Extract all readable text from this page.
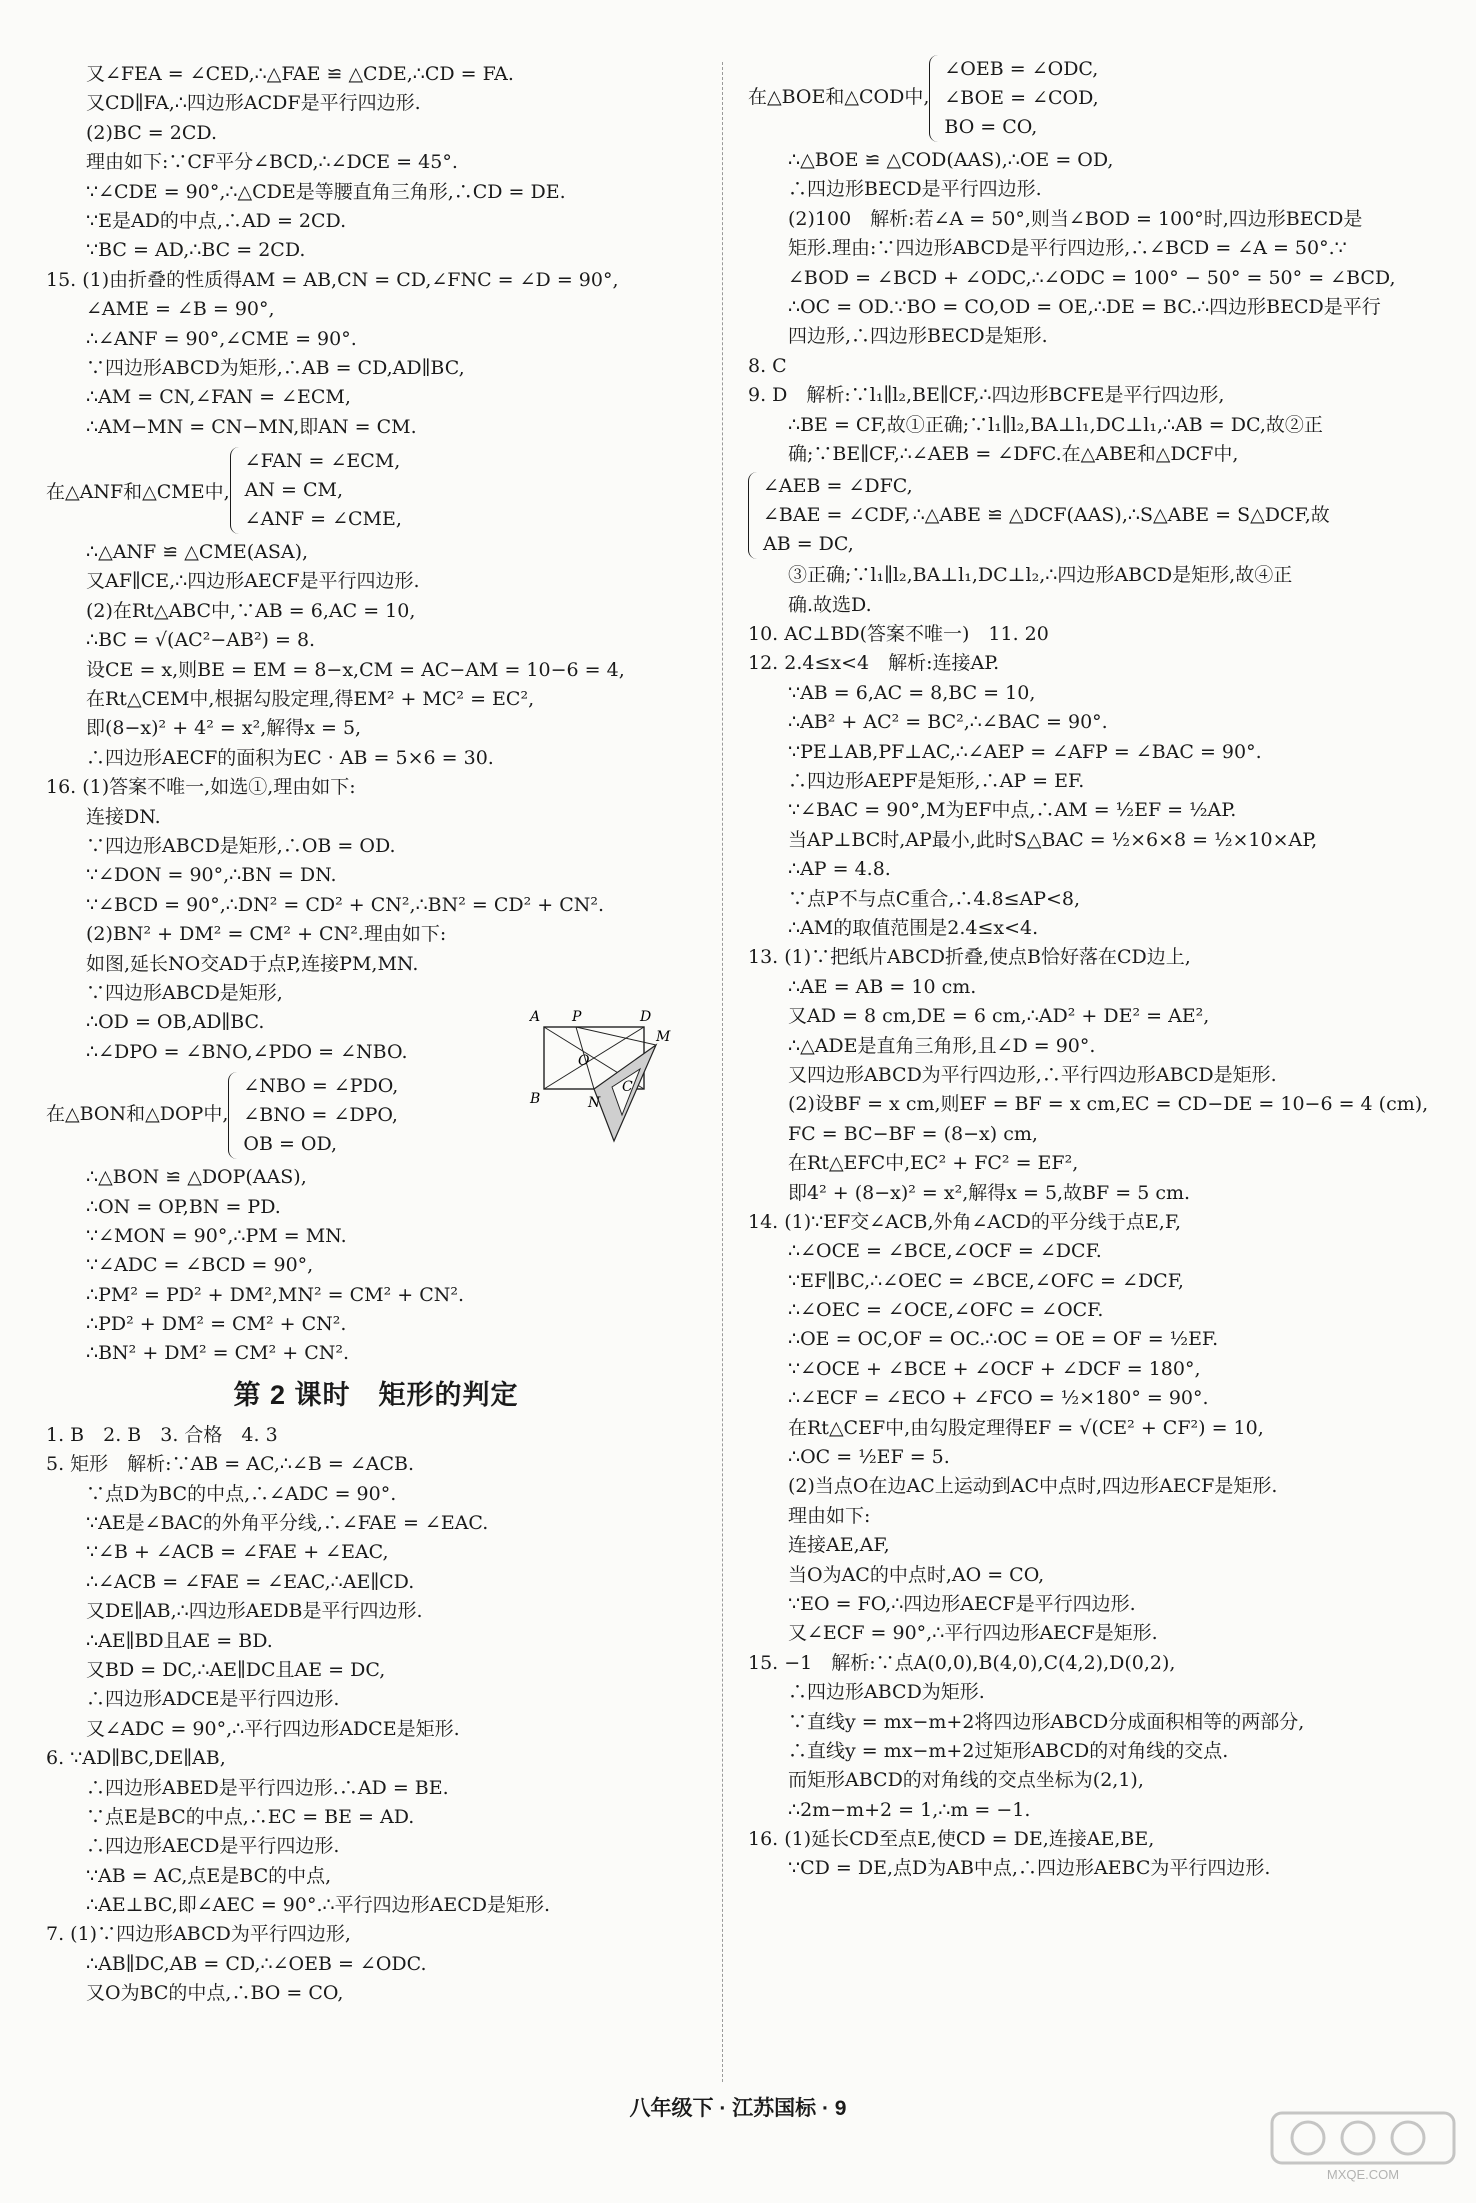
又∠FEA = ∠CED,∴△FAE ≌ △CDE,∴CD = FA.
又CD∥FA,∴四边形ACDF是平行四边形.
(2)BC = 2CD.
理由如下:∵CF平分∠BCD,∴∠DCE = 45°.
∵∠CDE = 90°,∴△CDE是等腰直角三角形,∴CD = DE.
∵E是AD的中点,∴AD = 2CD.
∵BC = AD,∴BC = 2CD.
15. (1)由折叠的性质得AM = AB,CN = CD,∠FNC = ∠D = 90°,
∠AME = ∠B = 90°,
∴∠ANF = 90°,∠CME = 90°.
∵四边形ABCD为矩形,∴AB = CD,AD∥BC,
∴AM = CN,∠FAN = ∠ECM,
∴AM−MN = CN−MN,即AN = CM.
在△ANF和△CME中,
∠FAN = ∠ECM,
AN = CM,
∠ANF = ∠CME,
∴△ANF ≌ △CME(ASA),
又AF∥CE,∴四边形AECF是平行四边形.
(2)在Rt△ABC中,∵AB = 6,AC = 10,
∴BC = √(AC²−AB²) = 8.
设CE = x,则BE = EM = 8−x,CM = AC−AM = 10−6 = 4,
在Rt△CEM中,根据勾股定理,得EM² + MC² = EC²,
即(8−x)² + 4² = x²,解得x = 5,
∴四边形AECF的面积为EC · AB = 5×6 = 30.
16. (1)答案不唯一,如选①,理由如下:
连接DN.
∵四边形ABCD是矩形,∴OB = OD.
∵∠DON = 90°,∴BN = DN.
∵∠BCD = 90°,∴DN² = CD² + CN²,∴BN² = CD² + CN².
(2)BN² + DM² = CM² + CN².理由如下:
如图,延长NO交AD于点P,连接PM,MN.
∵四边形ABCD是矩形,
∴OD = OB,AD∥BC.
∴∠DPO = ∠BNO,∠PDO = ∠NBO.
在△BON和△DOP中,
∠NBO = ∠PDO,
∠BNO = ∠DPO,
OB = OD,
∴△BON ≌ △DOP(AAS),
∴ON = OP,BN = PD.
∵∠MON = 90°,∴PM = MN.
∵∠ADC = ∠BCD = 90°,
∴PM² = PD² + DM²,MN² = CM² + CN².
∴PD² + DM² = CM² + CN².
∴BN² + DM² = CM² + CN².
第 2 课时　矩形的判定
1. B　2. B　3. 合格　4. 3
5. 矩形　解析:∵AB = AC,∴∠B = ∠ACB.
∵点D为BC的中点,∴∠ADC = 90°.
∵AE是∠BAC的外角平分线,∴∠FAE = ∠EAC.
∵∠B + ∠ACB = ∠FAE + ∠EAC,
∴∠ACB = ∠FAE = ∠EAC,∴AE∥CD.
又DE∥AB,∴四边形AEDB是平行四边形.
∴AE∥BD且AE = BD.
又BD = DC,∴AE∥DC且AE = DC,
∴四边形ADCE是平行四边形.
又∠ADC = 90°,∴平行四边形ADCE是矩形.
6. ∵AD∥BC,DE∥AB,
∴四边形ABED是平行四边形.∴AD = BE.
∵点E是BC的中点,∴EC = BE = AD.
∴四边形AECD是平行四边形.
∵AB = AC,点E是BC的中点,
∴AE⊥BC,即∠AEC = 90°.∴平行四边形AECD是矩形.
7. (1)∵四边形ABCD为平行四边形,
∴AB∥DC,AB = CD,∴∠OEB = ∠ODC.
又O为BC的中点,∴BO = CO,
在△BOE和△COD中,
∠OEB = ∠ODC,
∠BOE = ∠COD,
BO = CO,
∴△BOE ≌ △COD(AAS),∴OE = OD,
∴四边形BECD是平行四边形.
(2)100　解析:若∠A = 50°,则当∠BOD = 100°时,四边形BECD是
矩形.理由:∵四边形ABCD是平行四边形,∴∠BCD = ∠A = 50°.∵
∠BOD = ∠BCD + ∠ODC,∴∠ODC = 100° − 50° = 50° = ∠BCD,
∴OC = OD.∵BO = CO,OD = OE,∴DE = BC.∴四边形BECD是平行
四边形,∴四边形BECD是矩形.
8. C
9. D　解析:∵l₁∥l₂,BE∥CF,∴四边形BCFE是平行四边形,
∴BE = CF,故①正确;∵l₁∥l₂,BA⊥l₁,DC⊥l₁,∴AB = DC,故②正
确;∵BE∥CF,∴∠AEB = ∠DFC.在△ABE和△DCF中,
∠AEB = ∠DFC,
∠BAE = ∠CDF,
AB = DC,
∴△ABE ≌ △DCF(AAS),∴S△ABE = S△DCF,故
③正确;∵l₁∥l₂,BA⊥l₁,DC⊥l₂,∴四边形ABCD是矩形,故④正
确.故选D.
10. AC⊥BD(答案不唯一)　11. 20
12. 2.4≤x<4　解析:连接AP.
∵AB = 6,AC = 8,BC = 10,
∴AB² + AC² = BC²,∴∠BAC = 90°.
∵PE⊥AB,PF⊥AC,∴∠AEP = ∠AFP = ∠BAC = 90°.
∴四边形AEPF是矩形,∴AP = EF.
∵∠BAC = 90°,M为EF中点,∴AM = ½EF = ½AP.
当AP⊥BC时,AP最小,此时S△BAC = ½×6×8 = ½×10×AP,
∴AP = 4.8.
∵点P不与点C重合,∴4.8≤AP<8,
∴AM的取值范围是2.4≤x<4.
13. (1)∵把纸片ABCD折叠,使点B恰好落在CD边上,
∴AE = AB = 10 cm.
又AD = 8 cm,DE = 6 cm,∴AD² + DE² = AE²,
∴△ADE是直角三角形,且∠D = 90°.
又四边形ABCD为平行四边形,∴平行四边形ABCD是矩形.
(2)设BF = x cm,则EF = BF = x cm,EC = CD−DE = 10−6 = 4 (cm),
FC = BC−BF = (8−x) cm,
在Rt△EFC中,EC² + FC² = EF²,
即4² + (8−x)² = x²,解得x = 5,故BF = 5 cm.
14. (1)∵EF交∠ACB,外角∠ACD的平分线于点E,F,
∴∠OCE = ∠BCE,∠OCF = ∠DCF.
∵EF∥BC,∴∠OEC = ∠BCE,∠OFC = ∠DCF,
∴∠OEC = ∠OCE,∠OFC = ∠OCF.
∴OE = OC,OF = OC.∴OC = OE = OF = ½EF.
∵∠OCE + ∠BCE + ∠OCF + ∠DCF = 180°,
∴∠ECF = ∠ECO + ∠FCO = ½×180° = 90°.
在Rt△CEF中,由勾股定理得EF = √(CE² + CF²) = 10,
∴OC = ½EF = 5.
(2)当点O在边AC上运动到AC中点时,四边形AECF是矩形.
理由如下:
连接AE,AF,
当O为AC的中点时,AO = CO,
∵EO = FO,∴四边形AECF是平行四边形.
又∠ECF = 90°,∴平行四边形AECF是矩形.
15. −1　解析:∵点A(0,0),B(4,0),C(4,2),D(0,2),
∴四边形ABCD为矩形.
∵直线y = mx−m+2将四边形ABCD分成面积相等的两部分,
∴直线y = mx−m+2过矩形ABCD的对角线的交点.
而矩形ABCD的对角线的交点坐标为(2,1),
∴2m−m+2 = 1,∴m = −1.
16. (1)延长CD至点E,使CD = DE,连接AE,BE,
∵CD = DE,点D为AB中点,∴四边形AEBC为平行四边形.
A P	D
M
O
C
B	N
八年级下 · 江苏国标 · 9
MXQE.COM
